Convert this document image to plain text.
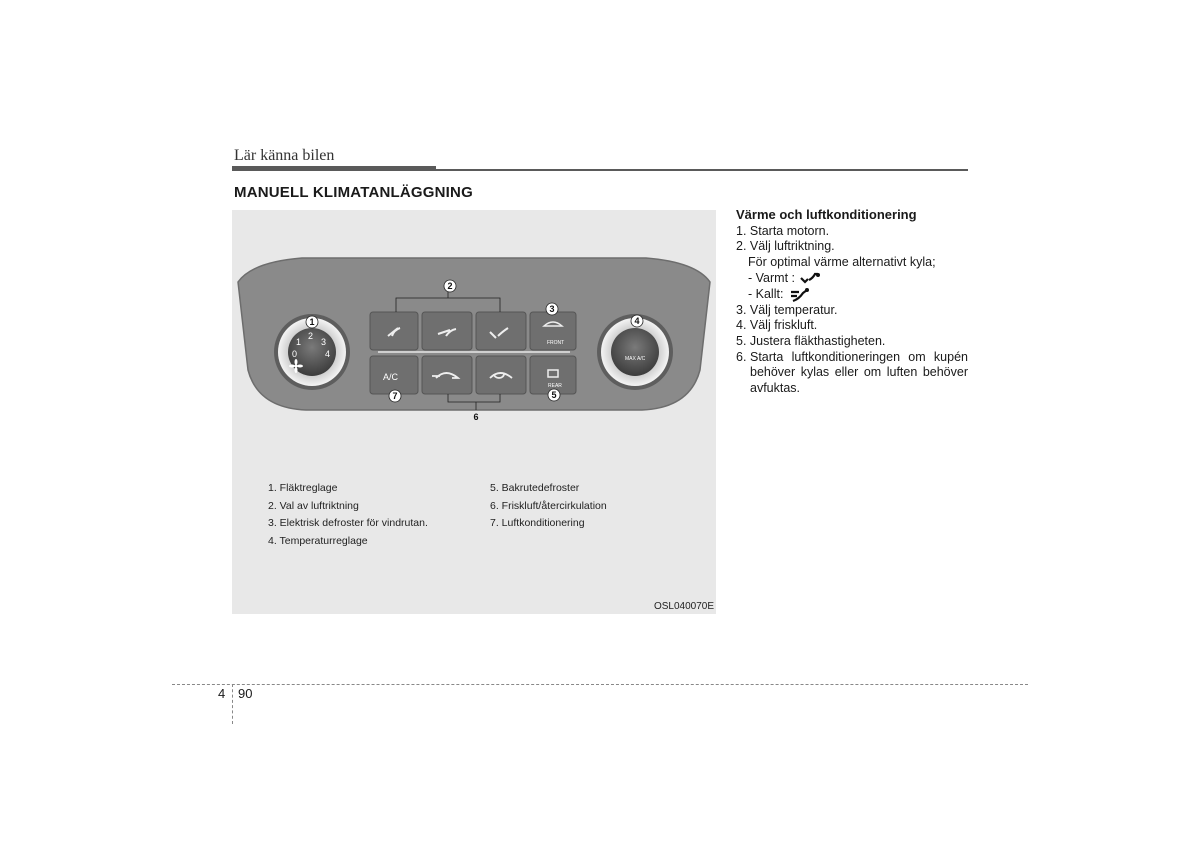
Lär känna bilen
MANUELL KLIMATANLÄGGNING
0
1
2
3
4	MAX A/C
FRONT
A/C
REAR
1
2
3
4
5
6
7
1. Fläktreglage
2. Val av luftriktning
3. Elektrisk defroster för vindrutan.
4. Temperaturreglage
5. Bakrutedefroster
6. Friskluft/återcirkulation
7. Luftkonditionering
OSL040070E
Värme och luftkonditionering
1. Starta motorn.
2. Välj luftriktning.
För optimal värme alternativt kyla;
- Varmt :
- Kallt:
3. Välj temperatur.
4. Välj friskluft.
5. Justera fläkthastigheten.
6. Starta luftkonditioneringen om kupén behöver kylas eller om luften behöver avfuktas.
4 90
